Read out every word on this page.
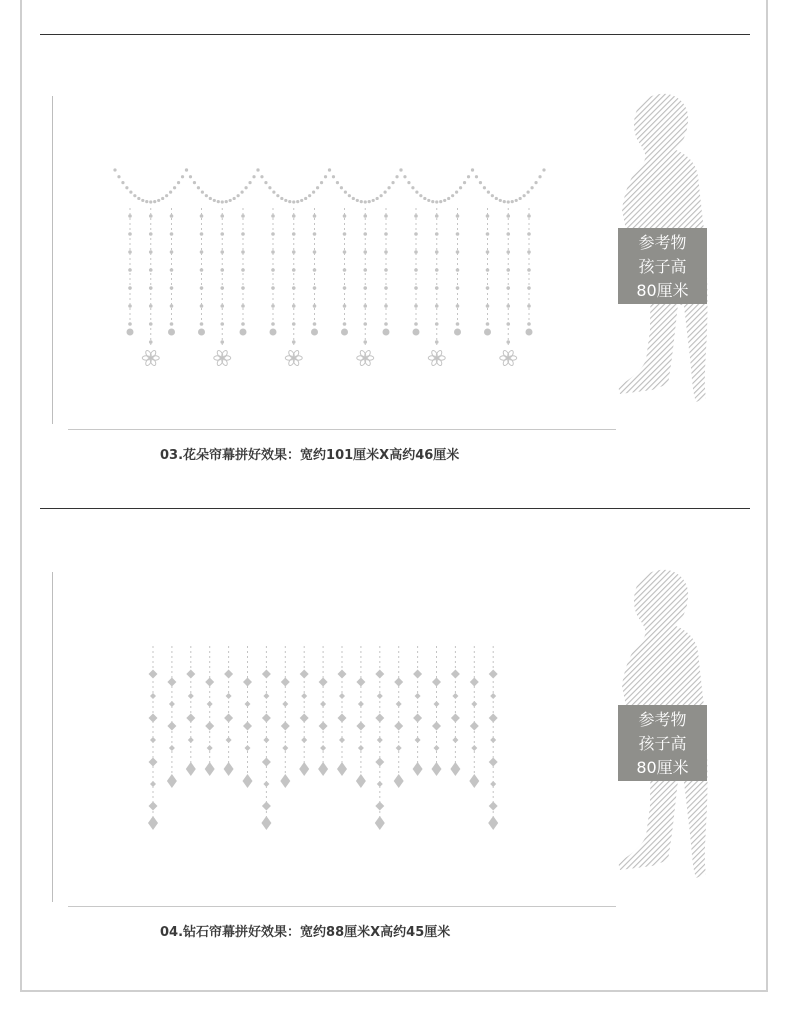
参考物
孩子高
80厘米
03.花朵帘幕拼好效果：宽约101厘米X高约46厘米
参考物
孩子高
80厘米
04.钻石帘幕拼好效果：宽约88厘米X高约45厘米
